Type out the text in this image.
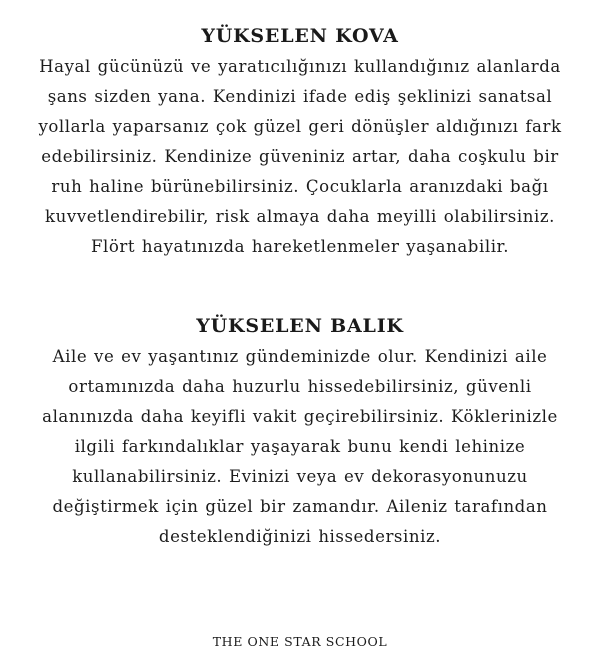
YÜKSELEN KOVA
Hayal gücünüzü ve yaratıcılığınızı kullandığınız alanlarda
şans sizden yana. Kendinizi ifade ediş şeklinizi sanatsal
yollarla yaparsanız çok güzel geri dönüşler aldığınızı fark
edebilirsiniz. Kendinize güveniniz artar, daha coşkulu bir
ruh haline bürünebilirsiniz. Çocuklarla aranızdaki bağı
kuvvetlendirebilir, risk almaya daha meyilli olabilirsiniz.
Flört hayatınızda hareketlenmeler yaşanabilir.
YÜKSELEN BALIK
Aile ve ev yaşantınız gündeminizde olur. Kendinizi aile
ortamınızda daha huzurlu hissedebilirsiniz, güvenli
alanınızda daha keyifli vakit geçirebilirsiniz. Köklerinizle
ilgili farkındalıklar yaşayarak bunu kendi lehinize
kullanabilirsiniz. Evinizi veya ev dekorasyonunuzu
değiştirmek için güzel bir zamandır. Aileniz tarafından
desteklendiğinizi hissedersiniz.
THE ONE STAR SCHOOL
